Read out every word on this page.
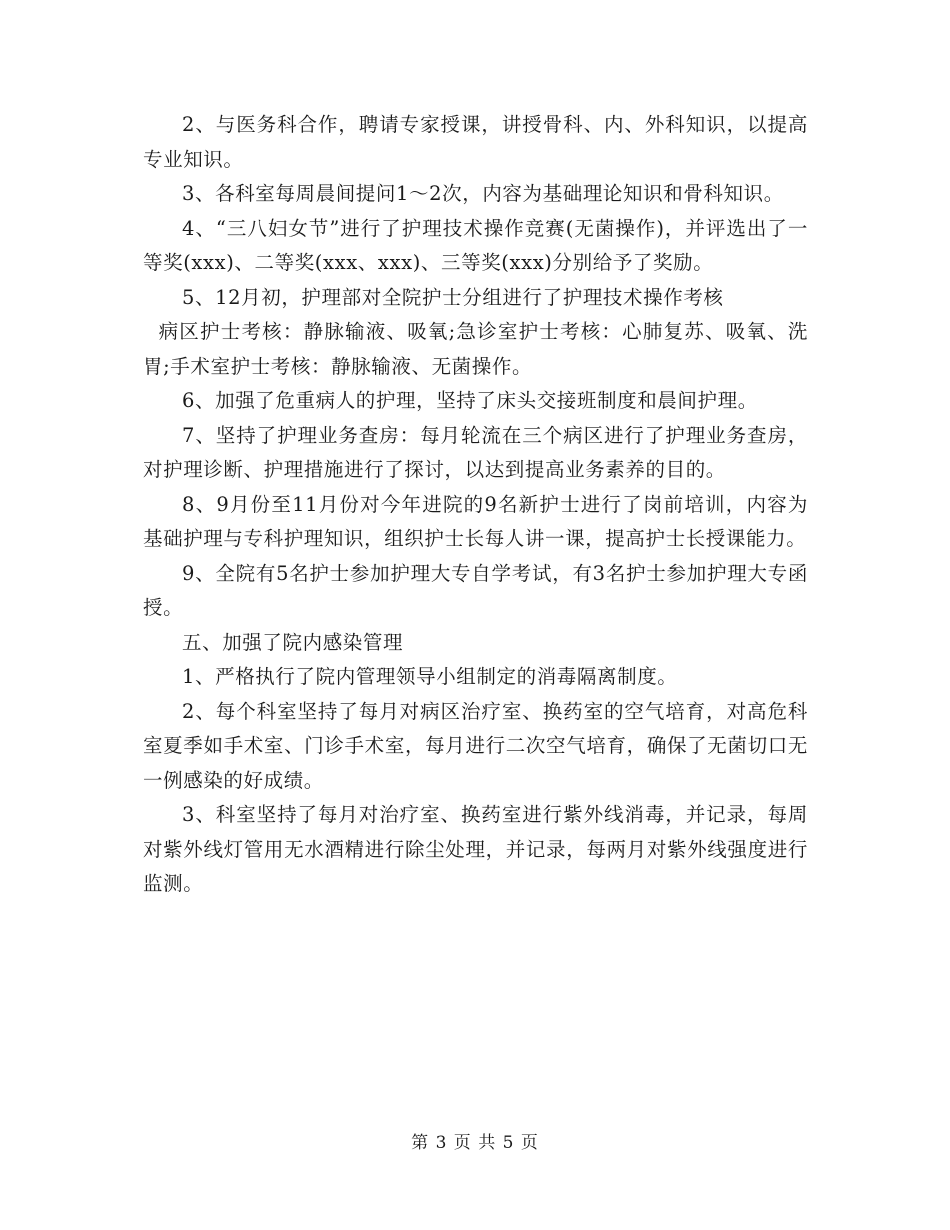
2、与医务科合作，聘请专家授课，讲授骨科、内、外科知识，以提高专业知识。

3、各科室每周晨间提问1～2次，内容为基础理论知识和骨科知识。

4、“三八妇女节”进行了护理技术操作竞赛(无菌操作)，并评选出了一等奖(xxx)、二等奖(xxx、xxx)、三等奖(xxx)分别给予了奖励。

5、12月初，护理部对全院护士分组进行了护理技术操作考核

病区护士考核：静脉输液、吸氧;急诊室护士考核：心肺复苏、吸氧、洗胃;手术室护士考核：静脉输液、无菌操作。

6、加强了危重病人的护理，坚持了床头交接班制度和晨间护理。

7、坚持了护理业务查房：每月轮流在三个病区进行了护理业务查房，对护理诊断、护理措施进行了探讨，以达到提高业务素养的目的。

8、9月份至11月份对今年进院的9名新护士进行了岗前培训，内容为基础护理与专科护理知识，组织护士长每人讲一课，提高护士长授课能力。

9、全院有5名护士参加护理大专自学考试，有3名护士参加护理大专函授。

五、加强了院内感染管理

1、严格执行了院内管理领导小组制定的消毒隔离制度。

2、每个科室坚持了每月对病区治疗室、换药室的空气培育，对高危科室夏季如手术室、门诊手术室，每月进行二次空气培育，确保了无菌切口无一例感染的好成绩。

3、科室坚持了每月对治疗室、换药室进行紫外线消毒，并记录，每周对紫外线灯管用无水酒精进行除尘处理，并记录，每两月对紫外线强度进行监测。

第 3 页 共 5 页
